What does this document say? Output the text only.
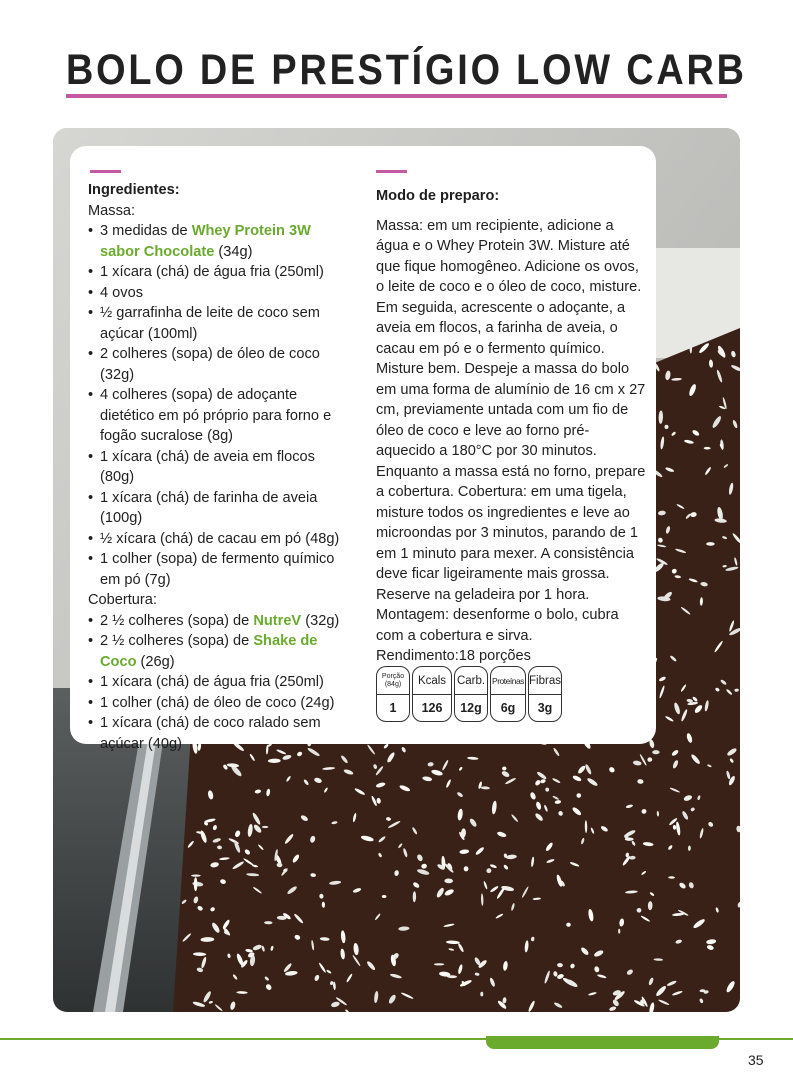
BOLO DE PRESTÍGIO LOW CARB

Ingredientes:

Massa:

• 3 medidas de Whey Protein 3W sabor Chocolate (34g)
• 1 xícara (chá) de água fria (250ml)
• 4 ovos
• ½ garrafinha de leite de coco sem açúcar (100ml)
• 2 colheres (sopa) de óleo de coco (32g)
• 4 colheres (sopa) de adoçante dietético em pó próprio para forno e fogão sucralose (8g)
• 1 xícara (chá) de aveia em flocos (80g)
• 1 xícara (chá) de farinha de aveia (100g)
• ½ xícara (chá) de cacau em pó (48g)
• 1 colher (sopa) de fermento químico em pó (7g)

Cobertura:

• 2 ½ colheres (sopa) de NutreV (32g)
• 2 ½ colheres (sopa) de Shake de Coco (26g)
• 1 xícara (chá) de água fria (250ml)
• 1 colher (chá) de óleo de coco (24g)
• 1 xícara (chá) de coco ralado sem açúcar (40g)

Modo de preparo:

Massa: em um recipiente, adicione a água e o Whey Protein 3W. Misture até que fique homogêneo. Adicione os ovos, o leite de coco e o óleo de coco, misture. Em seguida, acrescente o adoçante, a aveia em flocos, a farinha de aveia, o cacau em pó e o fermento químico. Misture bem. Despeje a massa do bolo em uma forma de alumínio de 16 cm x 27 cm, previamente untada com um fio de óleo de coco e leve ao forno pré-aquecido a 180°C por 30 minutos. Enquanto a massa está no forno, prepare a cobertura. Cobertura: em uma tigela, misture todos os ingredientes e leve ao microondas por 3 minutos, parando de 1 em 1 minuto para mexer. A consistência deve ficar ligeiramente mais grossa. Reserve na geladeira por 1 hora. Montagem: desenforme o bolo, cubra com a cobertura e sirva.

Rendimento:18 porções

Porção (84g)
1
Kcals
126
Carb.
12g
Proteínas
6g
Fibras
3g
35
